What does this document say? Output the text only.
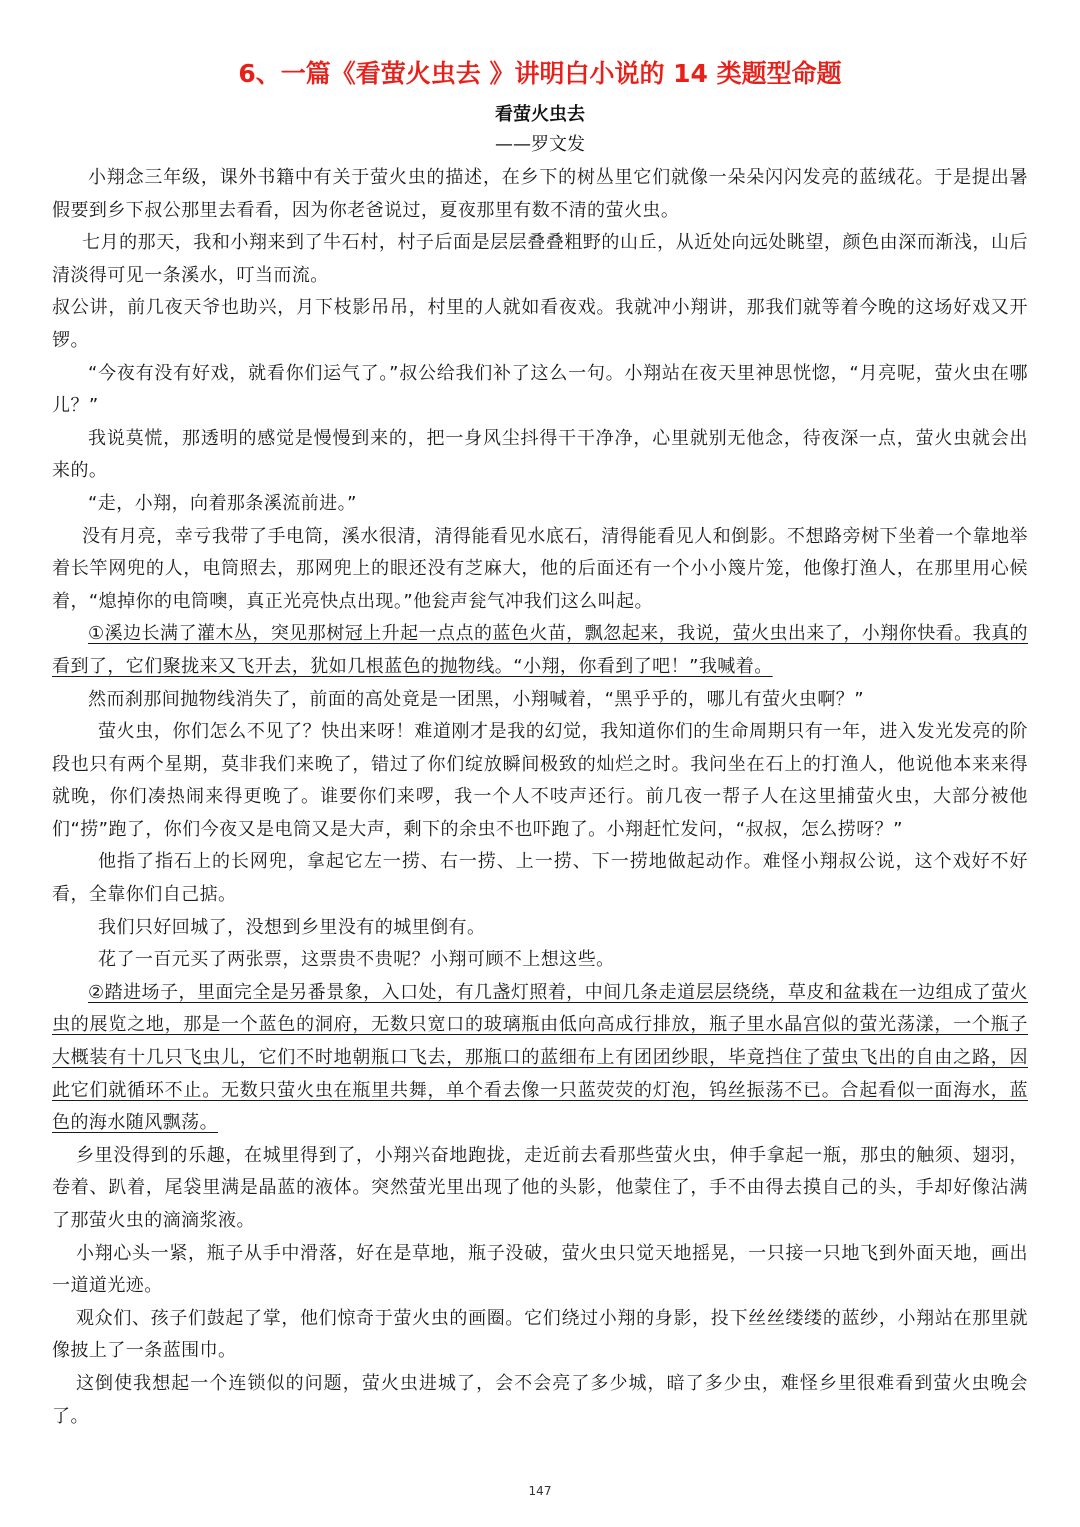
6、一篇《看萤火虫去 》讲明白小说的 14 类题型命题
看萤火虫去
——罗文发

小翔念三年级，课外书籍中有关于萤火虫的描述，在乡下的树丛里它们就像一朵朵闪闪发亮的蓝绒花。于是提出暑假要到乡下叔公那里去看看，因为你老爸说过，夏夜那里有数不清的萤火虫。

七月的那天，我和小翔来到了牛石村，村子后面是层层叠叠粗野的山丘，从近处向远处眺望，颜色由深而渐浅，山后清淡得可见一条溪水，叮当而流。

叔公讲，前几夜天爷也助兴，月下枝影吊吊，村里的人就如看夜戏。我就冲小翔讲，那我们就等着今晚的这场好戏又开锣。

“今夜有没有好戏，就看你们运气了。”叔公给我们补了这么一句。小翔站在夜天里神思恍惚，“月亮呢，萤火虫在哪儿？”

我说莫慌，那透明的感觉是慢慢到来的，把一身风尘抖得干干净净，心里就别无他念，待夜深一点，萤火虫就会出来的。

“走，小翔，向着那条溪流前进。”

没有月亮，幸亏我带了手电筒，溪水很清，清得能看见水底石，清得能看见人和倒影。不想路旁树下坐着一个靠地举着长竿网兜的人，电筒照去，那网兜上的眼还没有芝麻大，他的后面还有一个小小篾片笼，他像打渔人，在那里用心候着，“熄掉你的电筒噢，真正光亮快点出现。”他瓮声瓮气冲我们这么叫起。

①溪边长满了灌木丛，突见那树冠上升起一点点的蓝色火苗，飘忽起来，我说，萤火虫出来了，小翔你快看。我真的看到了，它们聚拢来又飞开去，犹如几根蓝色的抛物线。“小翔，你看到了吧！”我喊着。

然而刹那间抛物线消失了，前面的高处竟是一团黑，小翔喊着，“黑乎乎的，哪儿有萤火虫啊？”

萤火虫，你们怎么不见了？快出来呀！难道刚才是我的幻觉，我知道你们的生命周期只有一年，进入发光发亮的阶段也只有两个星期，莫非我们来晚了，错过了你们绽放瞬间极致的灿烂之时。我问坐在石上的打渔人，他说他本来来得就晚，你们凑热闹来得更晚了。谁要你们来啰，我一个人不吱声还行。前几夜一帮子人在这里捕萤火虫，大部分被他们“捞”跑了，你们今夜又是电筒又是大声，剩下的余虫不也吓跑了。小翔赶忙发问，“叔叔，怎么捞呀？”

他指了指石上的长网兜，拿起它左一捞、右一捞、上一捞、下一捞地做起动作。难怪小翔叔公说，这个戏好不好看，全靠你们自己掂。

我们只好回城了，没想到乡里没有的城里倒有。

花了一百元买了两张票，这票贵不贵呢？小翔可顾不上想这些。

②踏进场子，里面完全是另番景象，入口处，有几盏灯照着，中间几条走道层层绕绕，草皮和盆栽在一边组成了萤火虫的展览之地，那是一个蓝色的洞府，无数只宽口的玻璃瓶由低向高成行排放，瓶子里水晶宫似的萤光荡漾，一个瓶子大概装有十几只飞虫儿，它们不时地朝瓶口飞去，那瓶口的蓝细布上有团团纱眼，毕竟挡住了萤虫飞出的自由之路，因此它们就循环不止。无数只萤火虫在瓶里共舞，单个看去像一只蓝荧荧的灯泡，钨丝振荡不已。合起看似一面海水，蓝色的海水随风飘荡。

乡里没得到的乐趣，在城里得到了，小翔兴奋地跑拢，走近前去看那些萤火虫，伸手拿起一瓶，那虫的触须、翅羽，卷着、趴着，尾袋里满是晶蓝的液体。突然萤光里出现了他的头影，他蒙住了，手不由得去摸自己的头，手却好像沾满了那萤火虫的滴滴浆液。

小翔心头一紧，瓶子从手中滑落，好在是草地，瓶子没破，萤火虫只觉天地摇晃，一只接一只地飞到外面天地，画出一道道光迹。

观众们、孩子们鼓起了掌，他们惊奇于萤火虫的画圈。它们绕过小翔的身影，投下丝丝缕缕的蓝纱，小翔站在那里就像披上了一条蓝围巾。

这倒使我想起一个连锁似的问题，萤火虫进城了，会不会亮了多少城，暗了多少虫，难怪乡里很难看到萤火虫晚会了。

147
